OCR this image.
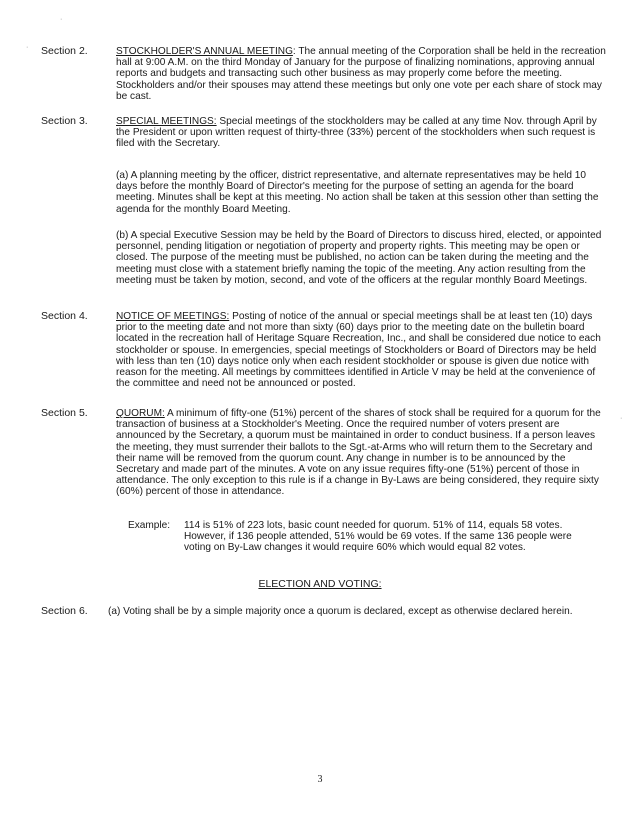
Section 2.	STOCKHOLDER'S ANNUAL MEETING: The annual meeting of the Corporation shall be held in the recreation hall at 9:00 A.M. on the third Monday of January for the purpose of finalizing nominations, approving annual reports and budgets and transacting such other business as may properly come before the meeting. Stockholders and/or their spouses may attend these meetings but only one vote per each share of stock may be cast.
Section 3.	SPECIAL MEETINGS: Special meetings of the stockholders may be called at any time Nov. through April by the President or upon written request of thirty-three (33%) percent of the stockholders when such request is filed with the Secretary.
(a) A planning meeting by the officer, district representative, and alternate representatives may be held 10 days before the monthly Board of Director's meeting for the purpose of setting an agenda for the board meeting. Minutes shall be kept at this meeting. No action shall be taken at this session other than setting the agenda for the monthly Board Meeting.
(b) A special Executive Session may be held by the Board of Directors to discuss hired, elected, or appointed personnel, pending litigation or negotiation of property and property rights. This meeting may be open or closed. The purpose of the meeting must be published, no action can be taken during the meeting and the meeting must close with a statement briefly naming the topic of the meeting. Any action resulting from the meeting must be taken by motion, second, and vote of the officers at the regular monthly Board Meetings.
Section 4.	NOTICE OF MEETINGS: Posting of notice of the annual or special meetings shall be at least ten (10) days prior to the meeting date and not more than sixty (60) days prior to the meeting date on the bulletin board located in the recreation hall of Heritage Square Recreation, Inc., and shall be considered due notice to each stockholder or spouse. In emergencies, special meetings of Stockholders or Board of Directors may be held with less than ten (10) days notice only when each resident stockholder or spouse is given due notice with reason for the meeting. All meetings by committees identified in Article V may be held at the convenience of the committee and need not be announced or posted.
Section 5.	QUORUM: A minimum of fifty-one (51%) percent of the shares of stock shall be required for a quorum for the transaction of business at a Stockholder's Meeting. Once the required number of voters present are announced by the Secretary, a quorum must be maintained in order to conduct business. If a person leaves the meeting, they must surrender their ballots to the Sgt.-at-Arms who will return them to the Secretary and their name will be removed from the quorum count. Any change in number is to be announced by the Secretary and made part of the minutes. A vote on any issue requires fifty-one (51%) percent of those in attendance. The only exception to this rule is if a change in By-Laws are being considered, they require sixty (60%) percent of those in attendance.
Example: 114 is 51% of 223 lots, basic count needed for quorum. 51% of 114, equals 58 votes. However, if 136 people attended, 51% would be 69 votes. If the same 136 people were voting on By-Law changes it would require 60% which would equal 82 votes.
ELECTION AND VOTING:
Section 6. (a) Voting shall be by a simple majority once a quorum is declared, except as otherwise declared herein.
3
·
·
·
